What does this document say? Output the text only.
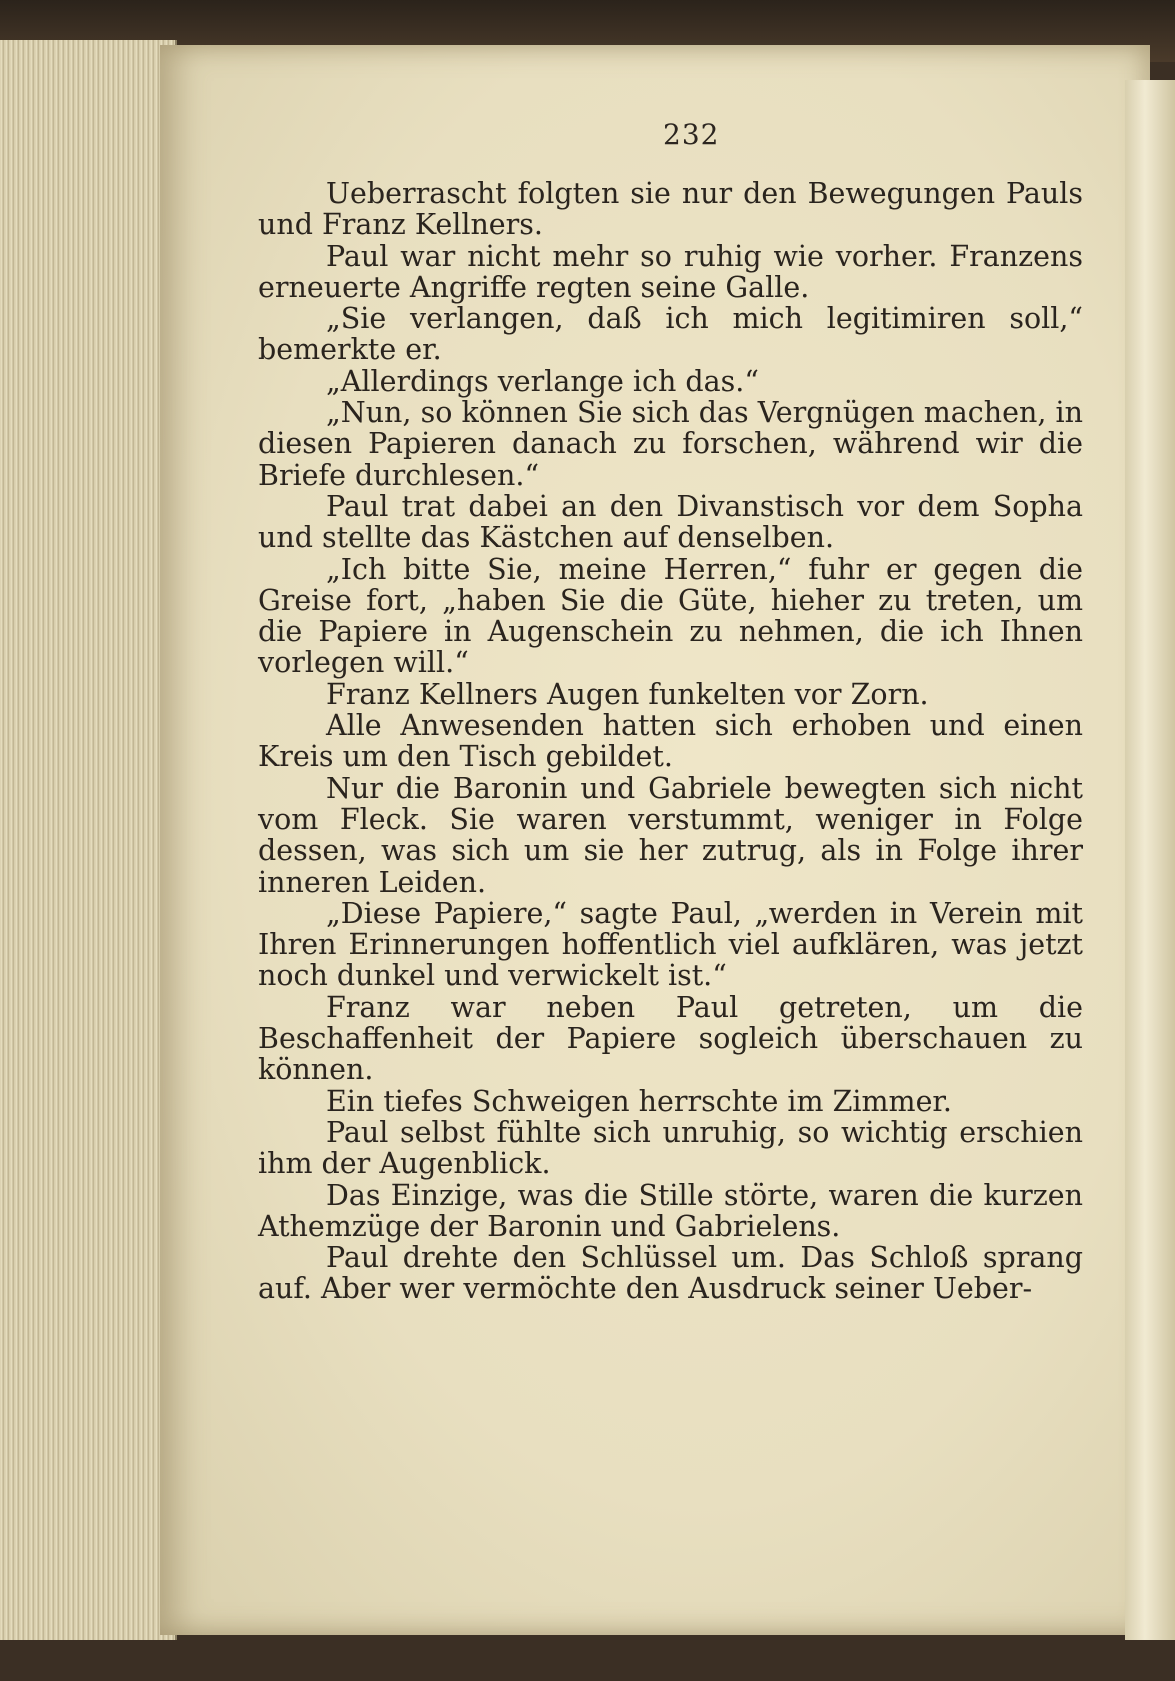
232

Ueberrascht folgten sie nur den Bewegungen Pauls und Franz Kellners.

Paul war nicht mehr so ruhig wie vorher. Franzens erneuerte Angriffe regten seine Galle.

„Sie verlangen, daß ich mich legitimiren soll,“ bemerkte er.

„Allerdings verlange ich das.“

„Nun, so können Sie sich das Vergnügen machen, in diesen Papieren danach zu forschen, während wir die Briefe durchlesen.“

Paul trat dabei an den Divanstisch vor dem Sopha und stellte das Kästchen auf denselben.

„Ich bitte Sie, meine Herren,“ fuhr er gegen die Greise fort, „haben Sie die Güte, hieher zu treten, um die Papiere in Augenschein zu nehmen, die ich Ihnen vorlegen will.“

Franz Kellners Augen funkelten vor Zorn.

Alle Anwesenden hatten sich erhoben und einen Kreis um den Tisch gebildet.

Nur die Baronin und Gabriele bewegten sich nicht vom Fleck. Sie waren verstummt, weniger in Folge dessen, was sich um sie her zutrug, als in Folge ihrer inneren Leiden.

„Diese Papiere,“ sagte Paul, „werden in Verein mit Ihren Erinnerungen hoffentlich viel aufklären, was jetzt noch dunkel und verwickelt ist.“

Franz war neben Paul getreten, um die Beschaffenheit der Papiere sogleich überschauen zu können.

Ein tiefes Schweigen herrschte im Zimmer.

Paul selbst fühlte sich unruhig, so wichtig erschien ihm der Augenblick.

Das Einzige, was die Stille störte, waren die kurzen Athemzüge der Baronin und Gabrielens.

Paul drehte den Schlüssel um. Das Schloß sprang auf. Aber wer vermöchte den Ausdruck seiner Ueber-
